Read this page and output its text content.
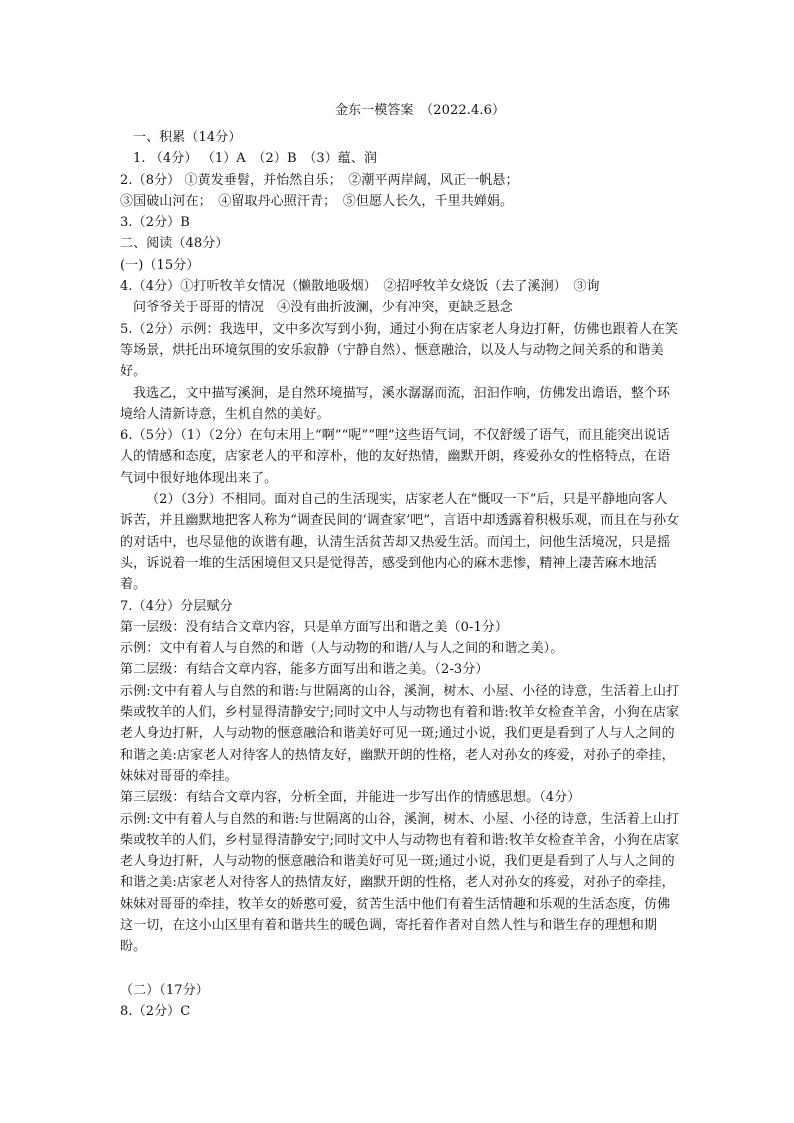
金东一模答案　（2022.4.6）

一、积累（14分）

1. （4分） （1）A　（2）B　（3）蕴、润

2.（8分） ①黄发垂髫，并怡然自乐；　②潮平两岸阔，风正一帆悬；

③国破山河在；　④留取丹心照汗青；　⑤但愿人长久，千里共婵娟。

3.（2分）B

二、阅读（48分）

(一)（15分）

4.（4分）①打听牧羊女情况（懒散地吸烟）　②招呼牧羊女烧饭（去了溪涧）　③询

问爷爷关于哥哥的情况　④没有曲折波澜，少有冲突，更缺乏悬念

5.（2分）示例：我选甲，文中多次写到小狗，通过小狗在店家老人身边打鼾，仿佛也跟着人在笑等场景，烘托出环境氛围的安乐寂静（宁静自然）、惬意融洽，以及人与动物之间关系的和谐美好。

我选乙，文中描写溪涧，是自然环境描写，溪水潺潺而流，汩汩作响，仿佛发出谵语，整个环境给人清新诗意，生机自然的美好。

6.（5分）（1）（2分）在句末用上“啊”“呢”“哩”这些语气词，不仅舒缓了语气，而且能突出说话人的情感和态度，店家老人的平和淳朴，他的友好热情，幽默开朗，疼爱孙女的性格特点，在语气词中很好地体现出来了。

（2）（3分）不相同。面对自己的生活现实，店家老人在“慨叹一下”后，只是平静地向客人诉苦，并且幽默地把客人称为“调查民间的‘调查家’吧”，言语中却透露着积极乐观，而且在与孙女的对话中，也尽显他的诙谐有趣，认清生活贫苦却又热爱生活。而闰土，问他生活境况，只是摇头，诉说着一堆的生活困境但又只是觉得苦，感受到他内心的麻木悲惨，精神上凄苦麻木地活着。

7.（4分）分层赋分

第一层级：没有结合文章内容，只是单方面写出和谐之美（0-1分）

示例：文中有着人与自然的和谐（人与动物的和谐/人与人之间的和谐之美）。

第二层级：有结合文章内容，能多方面写出和谐之美。（2-3分）

示例:文中有着人与自然的和谐:与世隔离的山谷，溪涧，树木、小屋、小径的诗意，生活着上山打柴或牧羊的人们，乡村显得清静安宁;同时文中人与动物也有着和谐:牧羊女检查羊舍，小狗在店家老人身边打鼾，人与动物的惬意融洽和谐美好可见一斑;通过小说，我们更是看到了人与人之间的和谐之美:店家老人对待客人的热情友好，幽默开朗的性格，老人对孙女的疼爱，对孙子的牵挂，妹妹对哥哥的牵挂。

第三层级：有结合文章内容，分析全面，并能进一步写出作的情感思想。（4分）

示例:文中有着人与自然的和谐:与世隔离的山谷，溪涧，树木、小屋、小径的诗意，生活着上山打柴或牧羊的人们，乡村显得清静安宁;同时文中人与动物也有着和谐:牧羊女检查羊舍，小狗在店家老人身边打鼾，人与动物的惬意融洽和谐美好可见一斑;通过小说，我们更是看到了人与人之间的和谐之美:店家老人对待客人的热情友好，幽默开朗的性格，老人对孙女的疼爱，对孙子的牵挂，妹妹对哥哥的牵挂，牧羊女的娇憨可爱，贫苦生活中他们有着生活情趣和乐观的生活态度，仿佛这一切，在这小山区里有着和谐共生的暖色调，寄托着作者对自然人性与和谐生存的理想和期盼。

（二）（17分）

8.（2分）C
